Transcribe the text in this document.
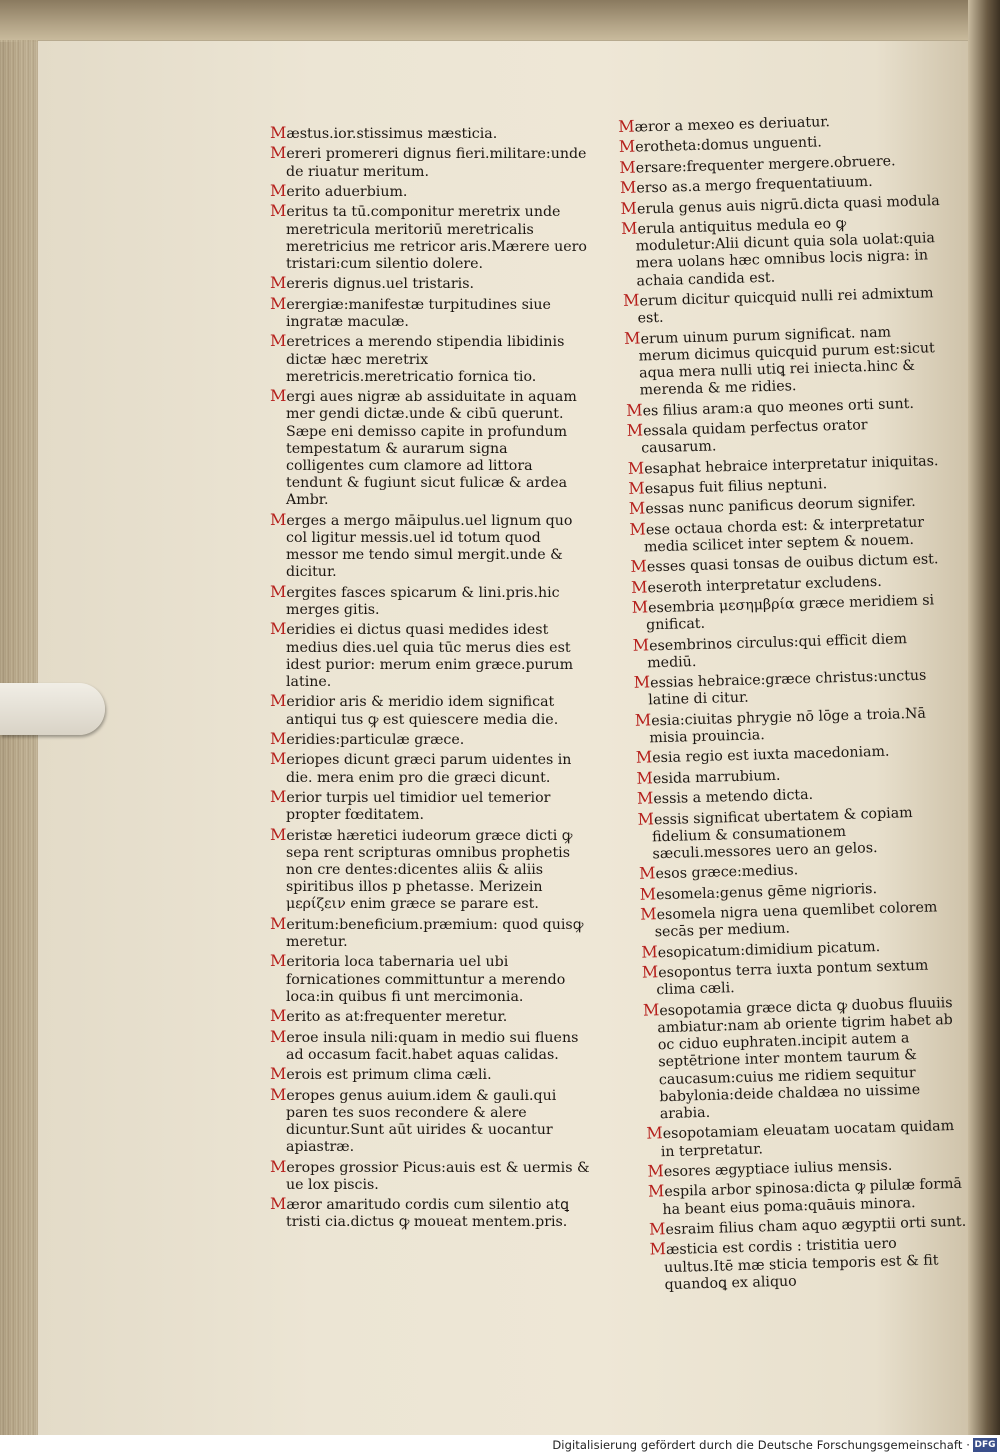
Mæstus.ior.stissimus mæsticia.
Mereri promereri dignus fieri.militare:unde de riuatur meritum.
Merito aduerbium.
Meritus ta tū.componitur meretrix unde meretricula meritoriū meretricalis meretricius me retricor aris.Mærere uero tristari:cum silentio dolere.
Mereris dignus.uel tristaris.
Merergiæ:manifestæ turpitudines siue ingratæ maculæ.
Meretrices a merendo stipendia libidinis dictæ hæc meretrix meretricis.meretricatio fornica tio.
Mergi aues nigræ ab assiduitate in aquam mer gendi dictæ.unde & cibū querunt. Sæpe eni demisso capite in profundum tempestatum & aurarum signa colligentes cum clamore ad littora tendunt & fugiunt sicut fulicæ & ardea Ambr.
Merges a mergo māipulus.uel lignum quo col ligitur messis.uel id totum quod messor me tendo simul mergit.unde & dicitur.
Mergites fasces spicarum & lini.pris.hic merges gitis.
Meridies ei dictus quasi medides idest medius dies.uel quia tūc merus dies est idest purior: merum enim græce.purum latine.
Meridior aris & meridio idem significat antiqui tus ꝙ est quiescere media die.
Meridies:particulæ græce.
Meriopes dicunt græci parum uidentes in die. mera enim pro die græci dicunt.
Merior turpis uel timidior uel temerior propter fœditatem.
Meristæ hæretici iudeorum græce dicti ꝙ sepa rent scripturas omnibus prophetis non cre dentes:dicentes aliis & aliis spiritibus illos p phetasse. Merizein μερίζειν enim græce se parare est.
Meritum:beneficium.præmium: quod quisꝙ meretur.
Meritoria loca tabernaria uel ubi fornicationes committuntur a merendo loca:in quibus fi unt mercimonia.
Merito as at:frequenter meretur.
Meroe insula nili:quam in medio sui fluens ad occasum facit.habet aquas calidas.
Merois est primum clima cæli.
Meropes genus auium.idem & gauli.qui paren tes suos recondere & alere dicuntur.Sunt aūt uirides & uocantur apiastræ.
Meropes grossior Picus:auis est & uermis & ue lox piscis.
Mæror amaritudo cordis cum silentio atꝗ tristi cia.dictus ꝙ moueat mentem.pris.
Mæror a mexeo es deriuatur.
Merotheta:domus unguenti.
Mersare:frequenter mergere.obruere.
Merso as.a mergo frequentatiuum.
Merula genus auis nigrū.dicta quasi modula
Merula antiquitus medula eo ꝙ moduletur:Alii dicunt quia sola uolat:quia mera uolans hæc omnibus locis nigra: in achaia candida est.
Merum dicitur quicquid nulli rei admixtum est.
Merum uinum purum significat. nam merum dicimus quicquid purum est:sicut aqua mera nulli utiꝗ rei iniecta.hinc & merenda & me ridies.
Mes filius aram:a quo meones orti sunt.
Messala quidam perfectus orator causarum.
Mesaphat hebraice interpretatur iniquitas.
Mesapus fuit filius neptuni.
Messas nunc panificus deorum signifer.
Mese octaua chorda est: & interpretatur media scilicet inter septem & nouem.
Messes quasi tonsas de ouibus dictum est.
Meseroth interpretatur excludens.
Mesembria μεσημβρία græce meridiem si gnificat.
Mesembrinos circulus:qui efficit diem mediū.
Messias hebraice:græce christus:unctus latine di citur.
Mesia:ciuitas phrygie nō lōge a troia.Nā misia prouincia.
Mesia regio est iuxta macedoniam.
Mesida marrubium.
Messis a metendo dicta.
Messis significat ubertatem & copiam fidelium & consumationem sæculi.messores uero an gelos.
Mesos græce:medius.
Mesomela:genus gēme nigrioris.
Mesomela nigra uena quemlibet colorem secās per medium.
Mesopicatum:dimidium picatum.
Mesopontus terra iuxta pontum sextum clima cæli.
Mesopotamia græce dicta ꝙ duobus fluuiis ambiatur:nam ab oriente tigrim habet ab oc ciduo euphraten.incipit autem a septētrione inter montem taurum & caucasum:cuius me ridiem sequitur babylonia:deide chaldæa no uissime arabia.
Mesopotamiam eleuatam uocatam quidam in terpretatur.
Mesores ægyptiace iulius mensis.
Mespila arbor spinosa:dicta ꝙ pilulæ formā ha beant eius poma:quāuis minora.
Mesraim filius cham aquo ægyptii orti sunt.
Mæsticia est cordis : tristitia uero uultus.Itē mæ sticia temporis est & fit quandoꝗ ex aliquo
Digitalisierung gefördert durch die Deutsche Forschungsgemeinschaft · DFG
